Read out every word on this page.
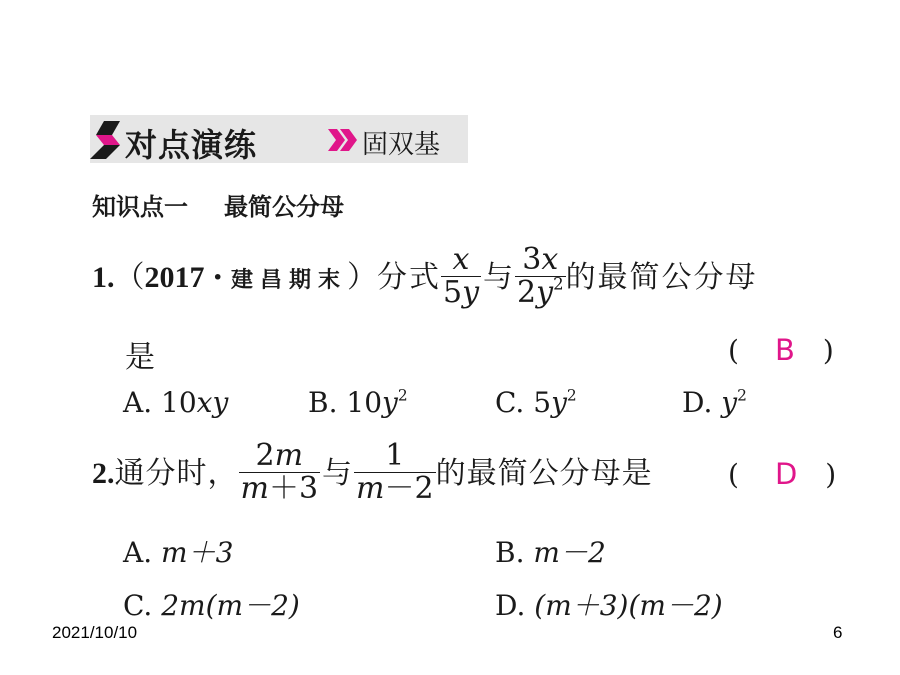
对点演练	固双基
知识点一 最简公分母
1.（2017 · 建昌期末）分式 $\frac{x}{5y}$ 与 $\frac{3x}{2y^2}$ 的最简公分母
是	( B )
A. 10xy	B. $10y^2$	C. $5y^2$	D. $y^2$
2.通分时， $\frac{2m}{m+3}$ 与 $\frac{1}{m-2}$ 的最简公分母是	( D )
A. m＋3	B. m－2
C. 2m(m－2)	D. (m＋3)(m－2)
2021/10/10	6
